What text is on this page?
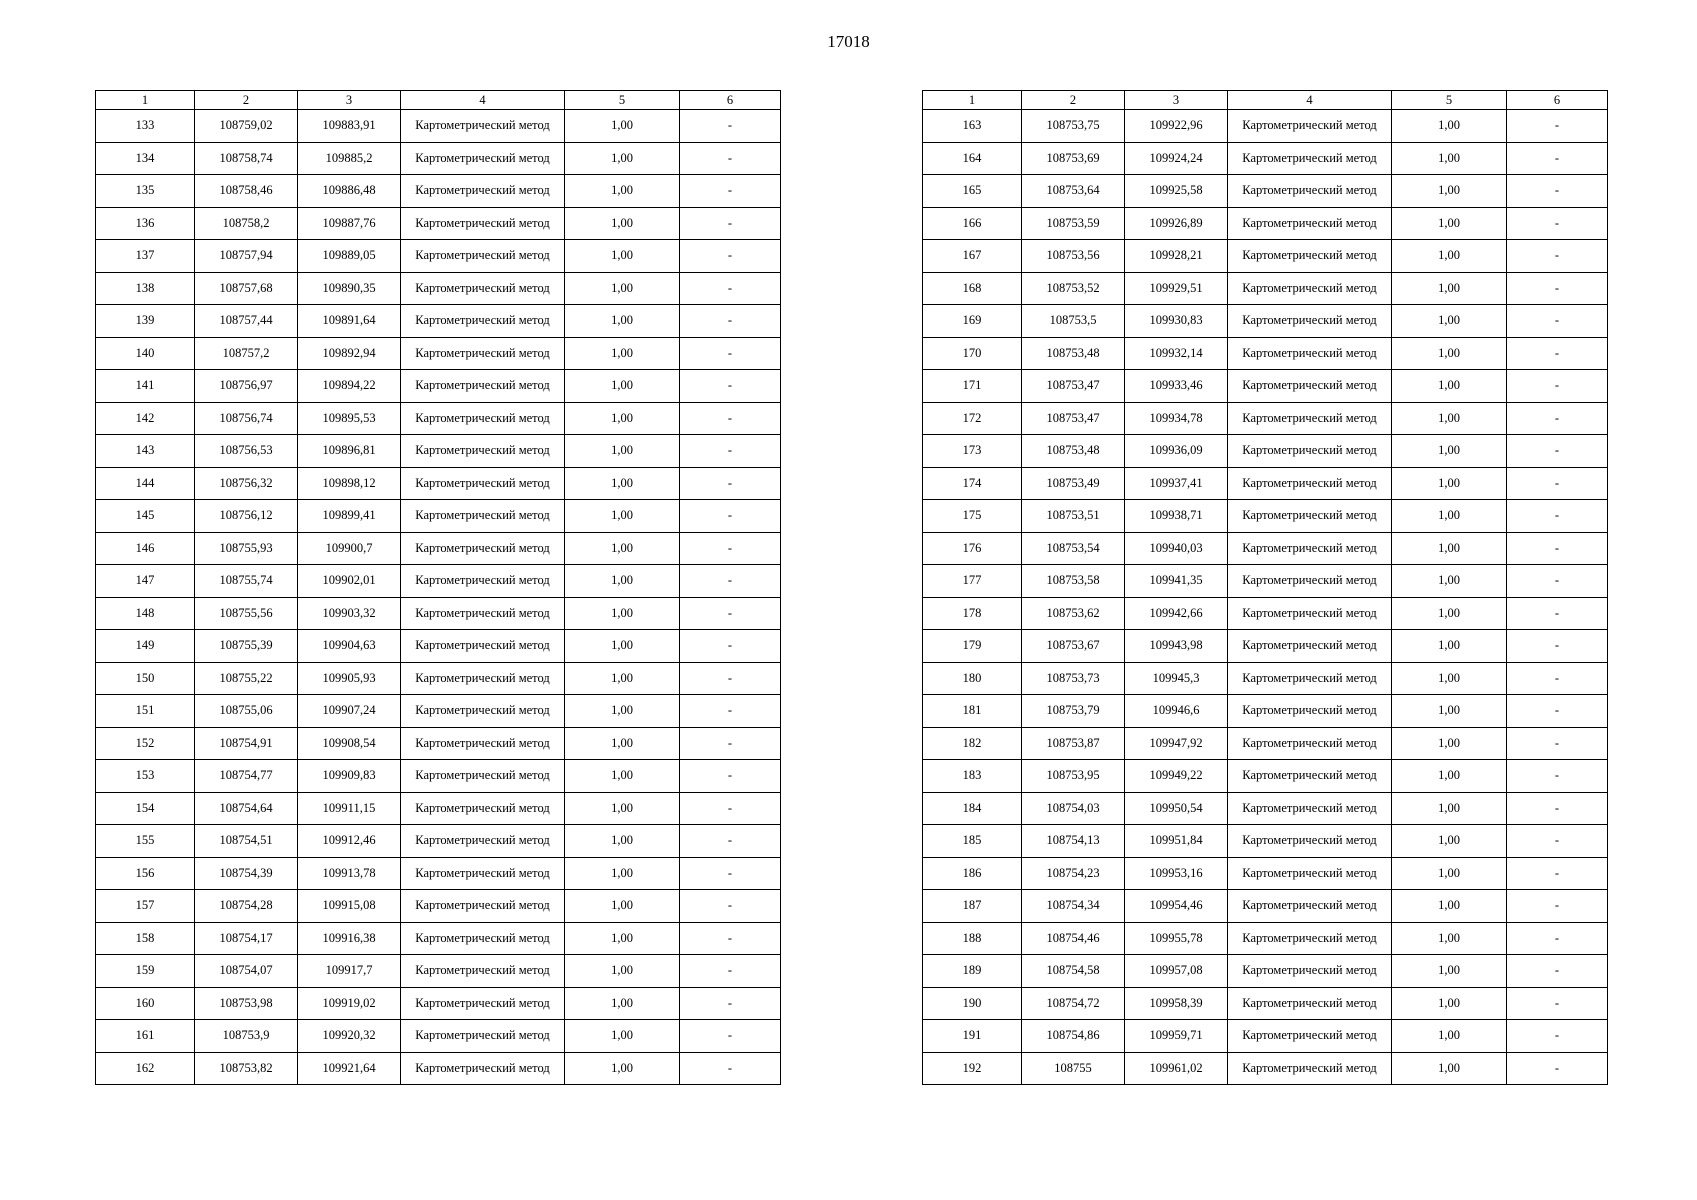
17018
1	2	3	4	5	6
133	108759,02	109883,91	Картометрический метод	1,00	-
134	108758,74	109885,2	Картометрический метод	1,00	-
135	108758,46	109886,48	Картометрический метод	1,00	-
136	108758,2	109887,76	Картометрический метод	1,00	-
137	108757,94	109889,05	Картометрический метод	1,00	-
138	108757,68	109890,35	Картометрический метод	1,00	-
139	108757,44	109891,64	Картометрический метод	1,00	-
140	108757,2	109892,94	Картометрический метод	1,00	-
141	108756,97	109894,22	Картометрический метод	1,00	-
142	108756,74	109895,53	Картометрический метод	1,00	-
143	108756,53	109896,81	Картометрический метод	1,00	-
144	108756,32	109898,12	Картометрический метод	1,00	-
145	108756,12	109899,41	Картометрический метод	1,00	-
146	108755,93	109900,7	Картометрический метод	1,00	-
147	108755,74	109902,01	Картометрический метод	1,00	-
148	108755,56	109903,32	Картометрический метод	1,00	-
149	108755,39	109904,63	Картометрический метод	1,00	-
150	108755,22	109905,93	Картометрический метод	1,00	-
151	108755,06	109907,24	Картометрический метод	1,00	-
152	108754,91	109908,54	Картометрический метод	1,00	-
153	108754,77	109909,83	Картометрический метод	1,00	-
154	108754,64	109911,15	Картометрический метод	1,00	-
155	108754,51	109912,46	Картометрический метод	1,00	-
156	108754,39	109913,78	Картометрический метод	1,00	-
157	108754,28	109915,08	Картометрический метод	1,00	-
158	108754,17	109916,38	Картометрический метод	1,00	-
159	108754,07	109917,7	Картометрический метод	1,00	-
160	108753,98	109919,02	Картометрический метод	1,00	-
161	108753,9	109920,32	Картометрический метод	1,00	-
162	108753,82	109921,64	Картометрический метод	1,00	-
1	2	3	4	5	6
163	108753,75	109922,96	Картометрический метод	1,00	-
164	108753,69	109924,24	Картометрический метод	1,00	-
165	108753,64	109925,58	Картометрический метод	1,00	-
166	108753,59	109926,89	Картометрический метод	1,00	-
167	108753,56	109928,21	Картометрический метод	1,00	-
168	108753,52	109929,51	Картометрический метод	1,00	-
169	108753,5	109930,83	Картометрический метод	1,00	-
170	108753,48	109932,14	Картометрический метод	1,00	-
171	108753,47	109933,46	Картометрический метод	1,00	-
172	108753,47	109934,78	Картометрический метод	1,00	-
173	108753,48	109936,09	Картометрический метод	1,00	-
174	108753,49	109937,41	Картометрический метод	1,00	-
175	108753,51	109938,71	Картометрический метод	1,00	-
176	108753,54	109940,03	Картометрический метод	1,00	-
177	108753,58	109941,35	Картометрический метод	1,00	-
178	108753,62	109942,66	Картометрический метод	1,00	-
179	108753,67	109943,98	Картометрический метод	1,00	-
180	108753,73	109945,3	Картометрический метод	1,00	-
181	108753,79	109946,6	Картометрический метод	1,00	-
182	108753,87	109947,92	Картометрический метод	1,00	-
183	108753,95	109949,22	Картометрический метод	1,00	-
184	108754,03	109950,54	Картометрический метод	1,00	-
185	108754,13	109951,84	Картометрический метод	1,00	-
186	108754,23	109953,16	Картометрический метод	1,00	-
187	108754,34	109954,46	Картометрический метод	1,00	-
188	108754,46	109955,78	Картометрический метод	1,00	-
189	108754,58	109957,08	Картометрический метод	1,00	-
190	108754,72	109958,39	Картометрический метод	1,00	-
191	108754,86	109959,71	Картометрический метод	1,00	-
192	108755	109961,02	Картометрический метод	1,00	-
